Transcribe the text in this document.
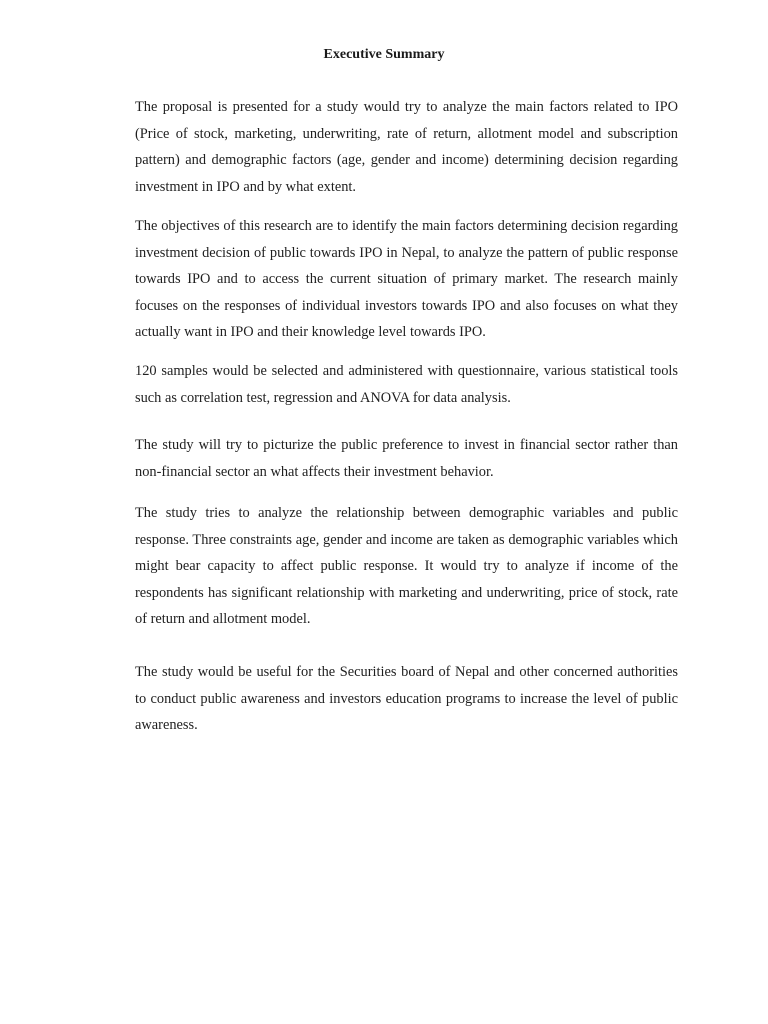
Executive Summary

The proposal is presented for a study would try to analyze the main factors related to IPO (Price of stock, marketing, underwriting, rate of return, allotment model and subscription pattern) and demographic factors (age, gender and income) determining decision regarding investment in IPO and by what extent.

The objectives of this research are to identify the main factors determining decision regarding investment decision of public towards IPO in Nepal, to analyze the pattern of public response towards IPO and to access the current situation of primary market. The research mainly focuses on the responses of individual investors towards IPO and also focuses on what they actually want in IPO and their knowledge level towards IPO.

120 samples would be selected and administered with questionnaire, various statistical tools such as correlation test, regression and ANOVA for data analysis.

The study will try to picturize the public preference to invest in financial sector rather than non-financial sector an what affects their investment behavior.

The study tries to analyze the relationship between demographic variables and public response. Three constraints age, gender and income are taken as demographic variables which might bear capacity to affect public response. It would try to analyze if income of the respondents has significant relationship with marketing and underwriting, price of stock, rate of return and allotment model.

The study would be useful for the Securities board of Nepal and other concerned authorities to conduct public awareness and investors education programs to increase the level of public awareness.
